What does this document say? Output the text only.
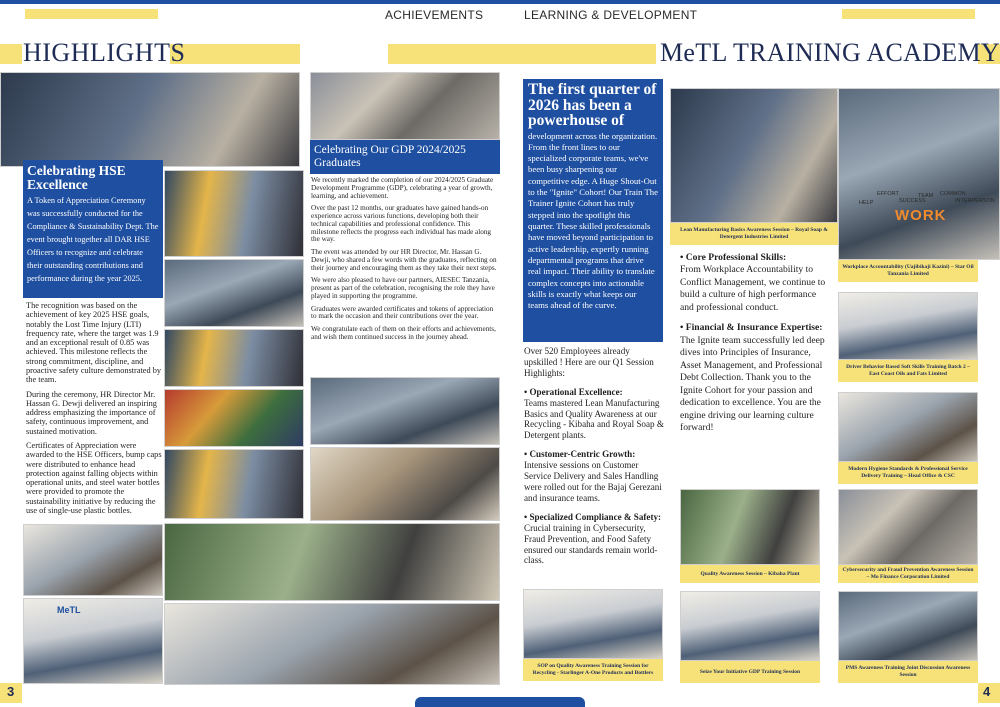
ACHIEVEMENTS	LEARNING & DEVELOPMENT
HIGHLIGHTS	MeTL TRAINING ACADEMY
Celebrating HSE Excellence
A Token of Appreciation Ceremony was successfully conducted for the Compliance & Sustainability Dept. The event brought together all DAR HSE Officers to recognize and celebrate their outstanding contributions and performance during the year 2025.

The recognition was based on the achievement of key 2025 HSE goals, notably the Lost Time Injury (LTI) frequency rate, where the target was 1.9 and an exceptional result of 0.85 was achieved. This milestone reflects the strong commitment, discipline, and proactive safety culture demonstrated by the team.

During the ceremony, HR Director Mr. Hassan G. Dewji delivered an inspiring address emphasizing the importance of safety, continuous improvement, and sustained motivation.

Certificates of Appreciation were awarded to the HSE Officers, bump caps were distributed to enhance head protection against falling objects within operational units, and steel water bottles were provided to promote the sustainability initiative by reducing the use of single-use plastic bottles.

MeTL
Celebrating Our GDP 2024/2025 Graduates

We recently marked the completion of our 2024/2025 Graduate Development Programme (GDP), celebrating a year of growth, learning, and achievement.

Over the past 12 months, our graduates have gained hands-on experience across various functions, developing both their technical capabilities and professional confidence. This milestone reflects the progress each individual has made along the way.

The event was attended by our HR Director, Mr. Hassan G. Dewji, who shared a few words with the graduates, reflecting on their journey and encouraging them as they take their next steps.

We were also pleased to have our partners, AIESEC Tanzania, present as part of the celebration, recognising the role they have played in supporting the programme.

Graduates were awarded certificates and tokens of appreciation to mark the occasion and their contributions over the year.

We congratulate each of them on their efforts and achievements, and wish them continued success in the journey ahead.

3
The first quarter of 2026 has been a powerhouse of
development across the organization. From the front lines to our specialized corporate teams, we've been busy sharpening our competitive edge. A Huge Shout-Out to the "Ignite" Cohort! Our Train The Trainer Ignite Cohort has truly stepped into the spotlight this quarter. These skilled professionals have moved beyond participation to active leadership, expertly running departmental programs that drive real impact. Their ability to translate complex concepts into actionable skills is exactly what keeps our teams ahead of the curve.
Over 520 Employees already upskilled ! Here are our Q1 Session Highlights:
• Operational Excellence:
Teams mastered Lean Manufacturing Basics and Quality Awareness at our Recycling - Kibaha and Royal Soap & Detergent plants.
• Customer-Centric Growth:
Intensive sessions on Customer Service Delivery and Sales Handling were rolled out for the Bajaj Gerezani and insurance teams.
• Specialized Compliance & Safety:
Crucial training in Cybersecurity, Fraud Prevention, and Food Safety ensured our standards remain world-class.
SOP on Quality Awareness Training Session for Recycling - Starlinger A-One Products and Bottlers
Lean Manufacturing Basics Awareness Session – Royal Soap & Detergent Industries Limited
WORK
COMMON
INTERPERSON
TEAM
HELP
EFFORT
SUCCESS
Workplace Accountability (Uajibikaji Kazini) – Star Oil Tanzania Limited
• Core Professional Skills:
From Workplace Accountability to Conflict Management, we continue to build a culture of high performance and professional conduct.
• Financial & Insurance Expertise:
The Ignite team successfully led deep dives into Principles of Insurance, Asset Management, and Professional Debt Collection. Thank you to the Ignite Cohort for your passion and dedication to excellence. You are the engine driving our learning culture forward!
Driver Behavior Based Soft Skills Training Batch 2 – East Coast Oils and Fats Limited
Modern Hygiene Standards & Professional Service Delivery Training – Head Office & CSC
Quality Awareness Session – Kibaha Plant
Cybersecurity and Fraud Prevention Awareness Session – Mo Finance Corporation Limited
Seize Your Initiative GDP Training Session
PMS Awareness Training Joint Discussion Awareness Session
4
